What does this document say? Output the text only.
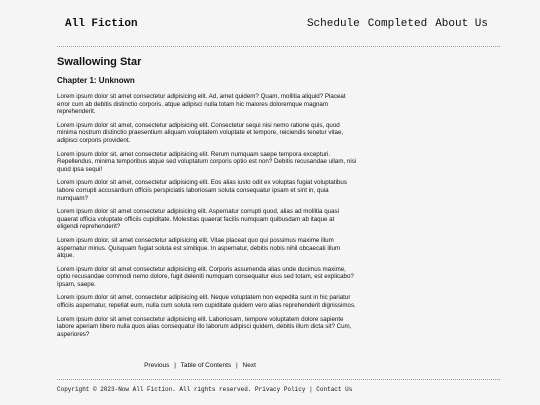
All Fiction	Schedule Completed About Us
Swallowing Star
Chapter 1: Unknown

Lorem ipsum dolor sit amet consectetur adipisicing elit. Ad, amet quidem? Quam, mollitia aliquid? Placeat error cum ab debitis distinctio corporis, atque adipisci nulla totam hic maiores doloremque magnam reprehenderit.

Lorem ipsum dolor sit amet, consectetur adipisicing elit. Consectetur sequi nisi nemo ratione quis, quod minima nostrum distinctio praesentium aliquam voluptatem voluptate et tempore, reiciendis tenetur vitae, adipisci corporis provident.

Lorem ipsum dolor sit, amet consectetur adipisicing elit. Rerum numquam saepe tempora excepturi. Repellendus, minima temporibus atque sed voluptatum corporis optio est non? Debitis recusandae ullam, nisi quod ipsa sequi!

Lorem ipsum dolor sit amet, consectetur adipisicing elit. Eos alias iusto odit ex voluptas fugiat voluptatibus labore corrupti accusantium officiis perspiciatis laboriosam soluta consequatur ipsam et sint in, quia numquam?

Lorem ipsum dolor sit amet consectetur adipisicing elit. Aspernatur corrupti quod, alias ad mollitia quasi quaerat officia voluptate officiis cupiditate. Molestias quaerat facilis numquam quibusdam ab itaque at eligendi reprehenderit?

Lorem ipsum dolor, sit amet consectetur adipisicing elit. Vitae placeat quo qui possimus maxime illum aspernatur minus. Quisquam fugiat soluta est similique. In aspernatur, debitis nobis nihil obcaecati illum atque.

Lorem ipsum dolor sit amet consectetur adipisicing elit. Corporis assumenda alias unde ducimus maxime, optio recusandae commodi nemo dolore, fugit deleniti numquam consequatur eius sed totam, est explicabo? Ipsam, saepe.

Lorem ipsum dolor sit amet, consectetur adipisicing elit. Neque voluptatem non expedita sunt in hic pariatur officiis aspernatur, repellat eum, nulla cum soluta rem cupiditate quidem vero alias reprehenderit dignissimos.

Lorem ipsum dolor sit amet consectetur adipisicing elit. Laboriosam, tempore voluptatem dolore sapiente labore aperiam libero nulla quos alias consequatur illo laborum adipisci quidem, debitis illum dicta sit? Cum, asperiores?

Previous | Table of Contents | Next
Copyright © 2023-Now All Fiction. All rights reserved. Privacy Policy | Contact Us
